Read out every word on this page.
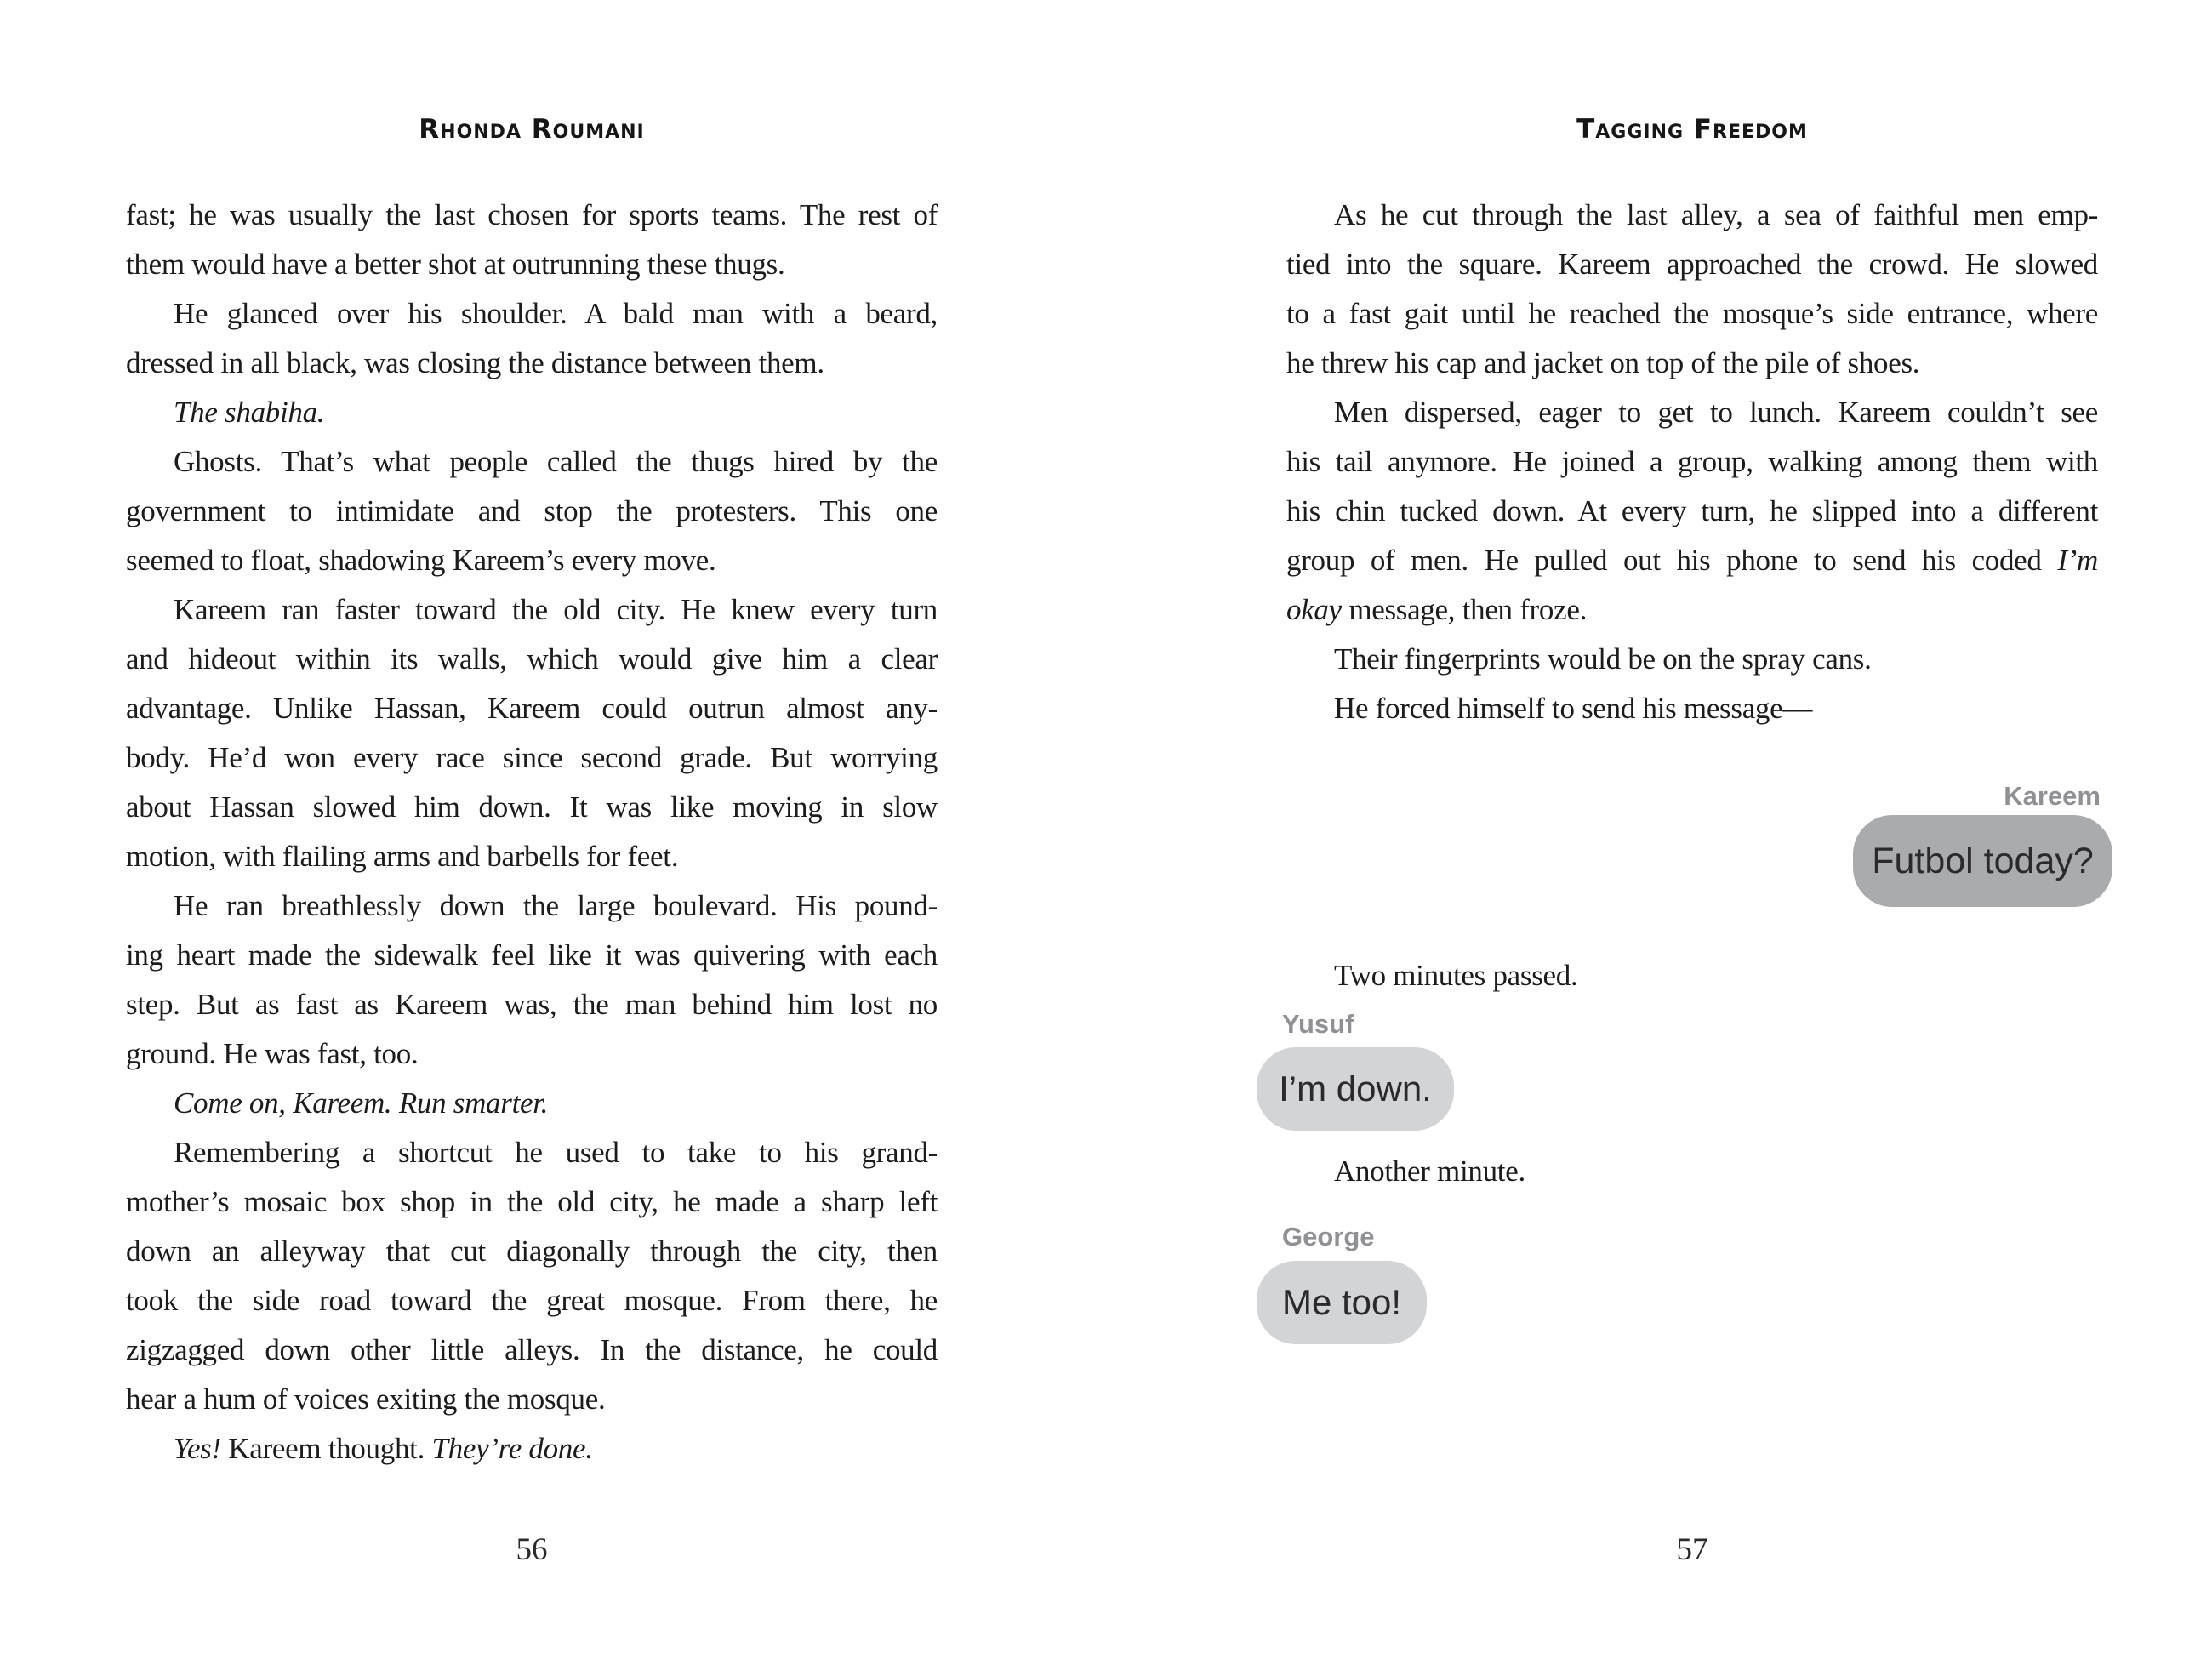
Rhonda Roumani
fast; he was usually the last chosen for sports teams. The rest of
them would have a better shot at outrunning these thugs.
He glanced over his shoulder. A bald man with a beard,
dressed in all black, was closing the distance between them.
The shabiha.
Ghosts. That’s what people called the thugs hired by the
government to intimidate and stop the protesters. This one
seemed to float, shadowing Kareem’s every move.
Kareem ran faster toward the old city. He knew every turn
and hideout within its walls, which would give him a clear
advantage. Unlike Hassan, Kareem could outrun almost any-
body. He’d won every race since second grade. But worrying
about Hassan slowed him down. It was like moving in slow
motion, with flailing arms and barbells for feet.
He ran breathlessly down the large boulevard. His pound-
ing heart made the sidewalk feel like it was quivering with each
step. But as fast as Kareem was, the man behind him lost no
ground. He was fast, too.
Come on, Kareem. Run smarter.
Remembering a shortcut he used to take to his grand-
mother’s mosaic box shop in the old city, he made a sharp left
down an alleyway that cut diagonally through the city, then
took the side road toward the great mosque. From there, he
zigzagged down other little alleys. In the distance, he could
hear a hum of voices exiting the mosque.
Yes! Kareem thought. They’re done.
56
Tagging Freedom
As he cut through the last alley, a sea of faithful men emp-
tied into the square. Kareem approached the crowd. He slowed
to a fast gait until he reached the mosque’s side entrance, where
he threw his cap and jacket on top of the pile of shoes.
Men dispersed, eager to get to lunch. Kareem couldn’t see
his tail anymore. He joined a group, walking among them with
his chin tucked down. At every turn, he slipped into a different
group of men. He pulled out his phone to send his coded I’m
okay message, then froze.
Their fingerprints would be on the spray cans.
He forced himself to send his message—
Kareem
Futbol today?
Two minutes passed.
Yusuf
I’m down.
Another minute.
George
Me too!
57
